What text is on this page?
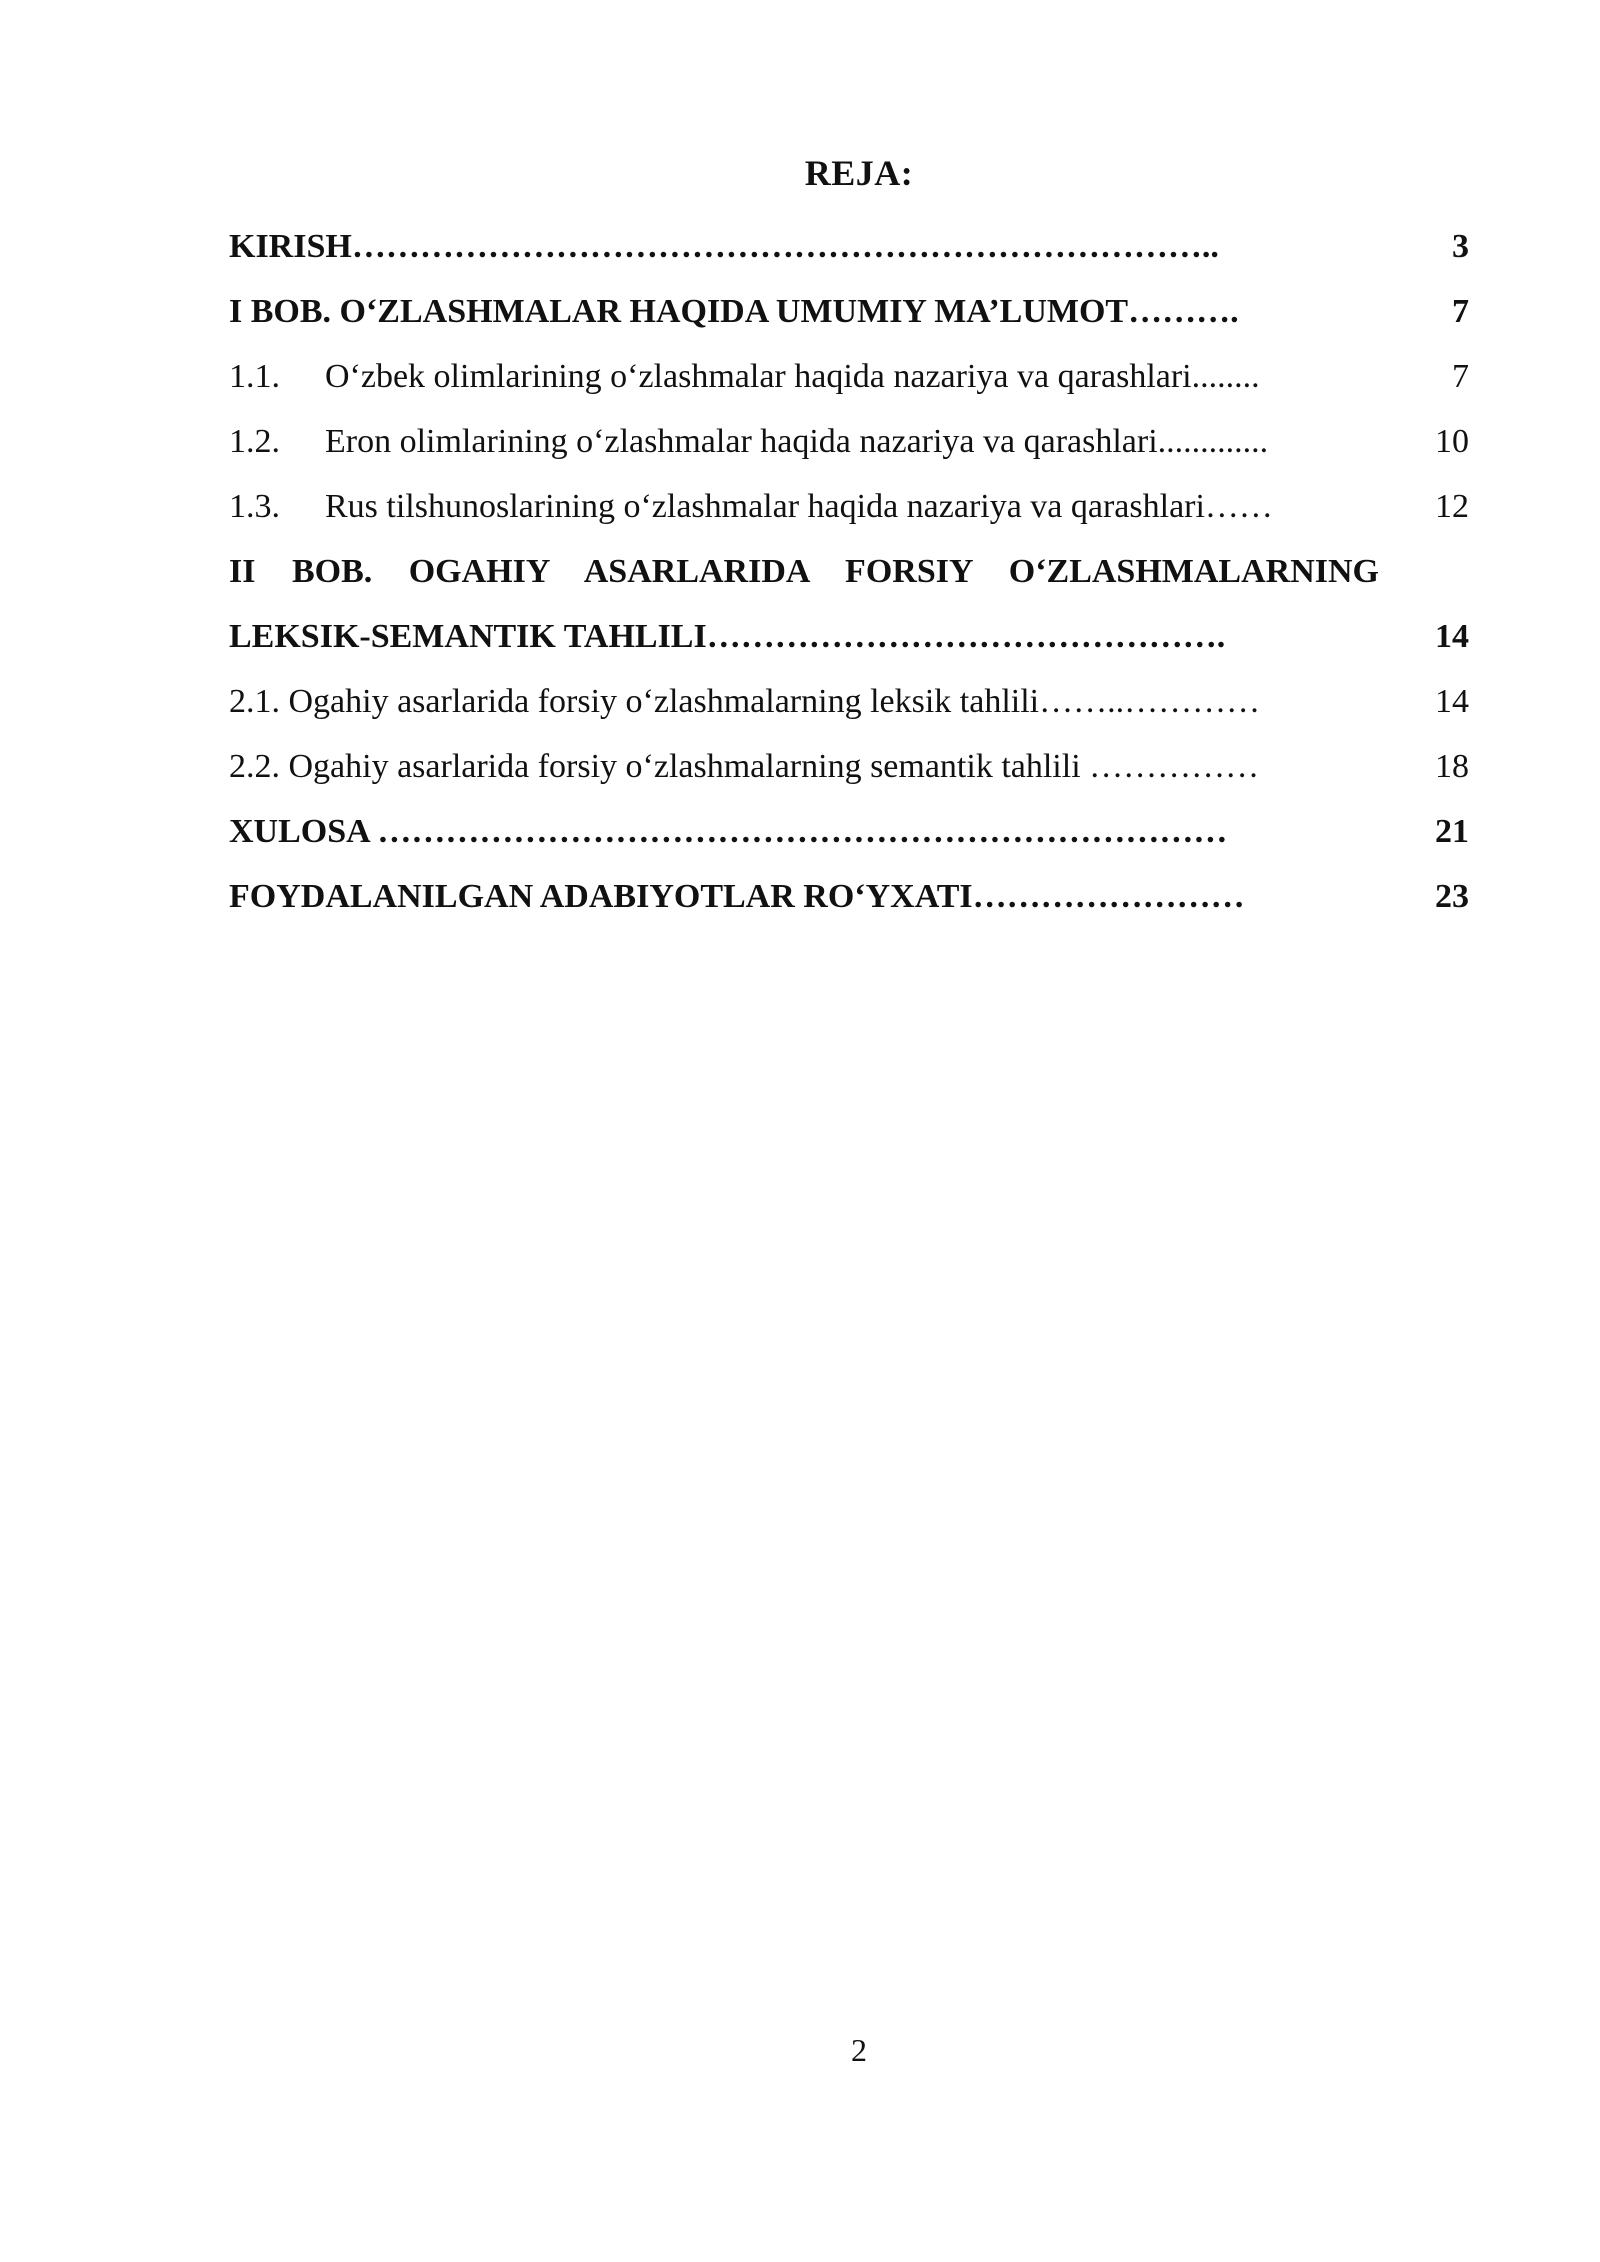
REJA:
KIRISH…………………………………………………………………..	3
I BOB. O‘ZLASHMALAR HAQIDA UMUMIY MA’LUMOT……….	7
1.1. O‘zbek olimlarining o‘zlashmalar haqida nazariya va qarashlari........	7
1.2. Eron olimlarining o‘zlashmalar haqida nazariya va qarashlari.............	10
1.3. Rus tilshunoslarining o‘zlashmalar haqida nazariya va qarashlari……	12
II BOB. OGAHIY ASARLARIDA FORSIY O‘ZLASHMALARNING
LEKSIK-SEMANTIK TAHLILI……………………………………….	14
2.1. Ogahiy asarlarida forsiy o‘zlashmalarning leksik tahlili……..…………	14
2.2. Ogahiy asarlarida forsiy o‘zlashmalarning semantik tahlili ……………	18
XULOSA …………………………………………………………………	21
FOYDALANILGAN ADABIYOTLAR RO‘YXATI……………………	23
2
